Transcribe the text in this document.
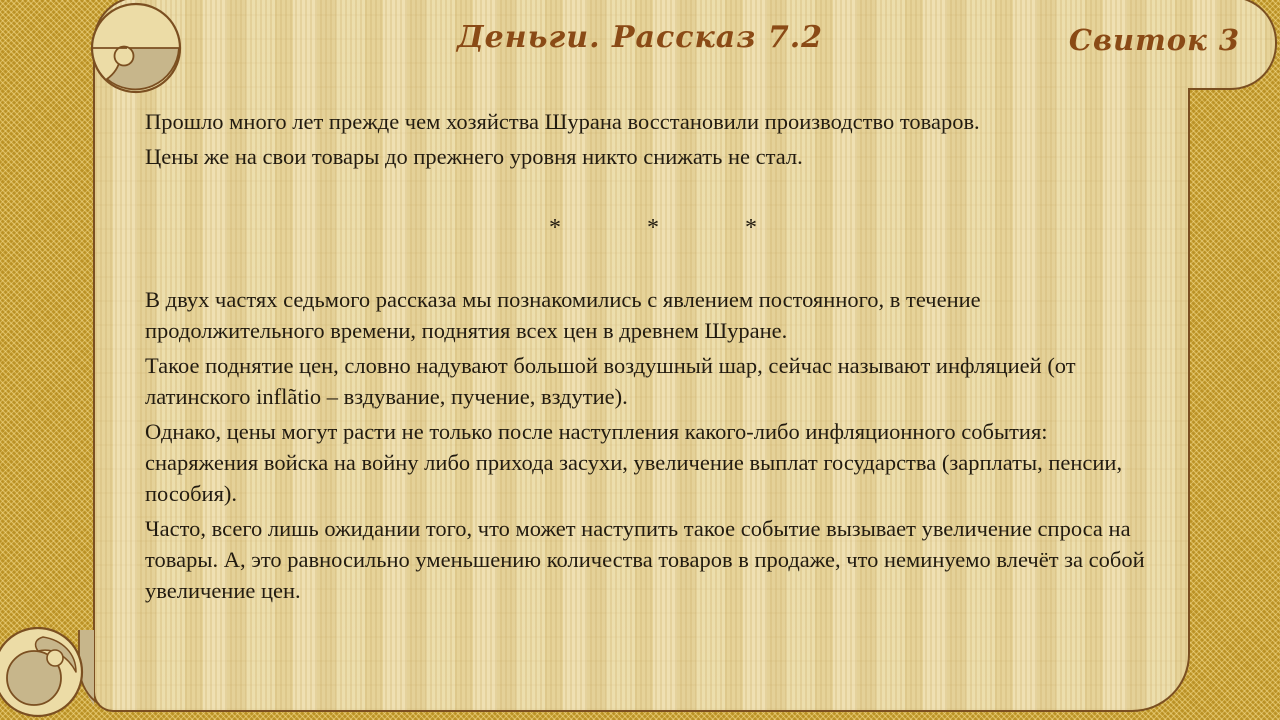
Деньги. Рассказ 7.2	Свиток 3

Прошло много лет прежде чем хозяйства Шурана восстановили производство товаров.

Цены же на свои товары до прежнего уровня никто снижать не стал.

*	*	*

В двух частях седьмого рассказа мы познакомились с явлением постоянного, в течение продолжительного времени, поднятия всех цен в древнем Шуране.

Такое поднятие цен, словно надувают большой воздушный шар, сейчас называют инфляцией (от латинского inflãtio – вздувание, пучение, вздутие).

Однако, цены могут расти не только после наступления какого-либо инфляционного события: снаряжения войска на войну либо прихода засухи, увеличение выплат государства (зарплаты, пенсии, пособия).

Часто, всего лишь ожидании того, что может наступить такое событие вызывает увеличение спроса на товары. А, это равносильно уменьшению количества товаров в продаже, что неминуемо влечёт за собой увеличение цен.
